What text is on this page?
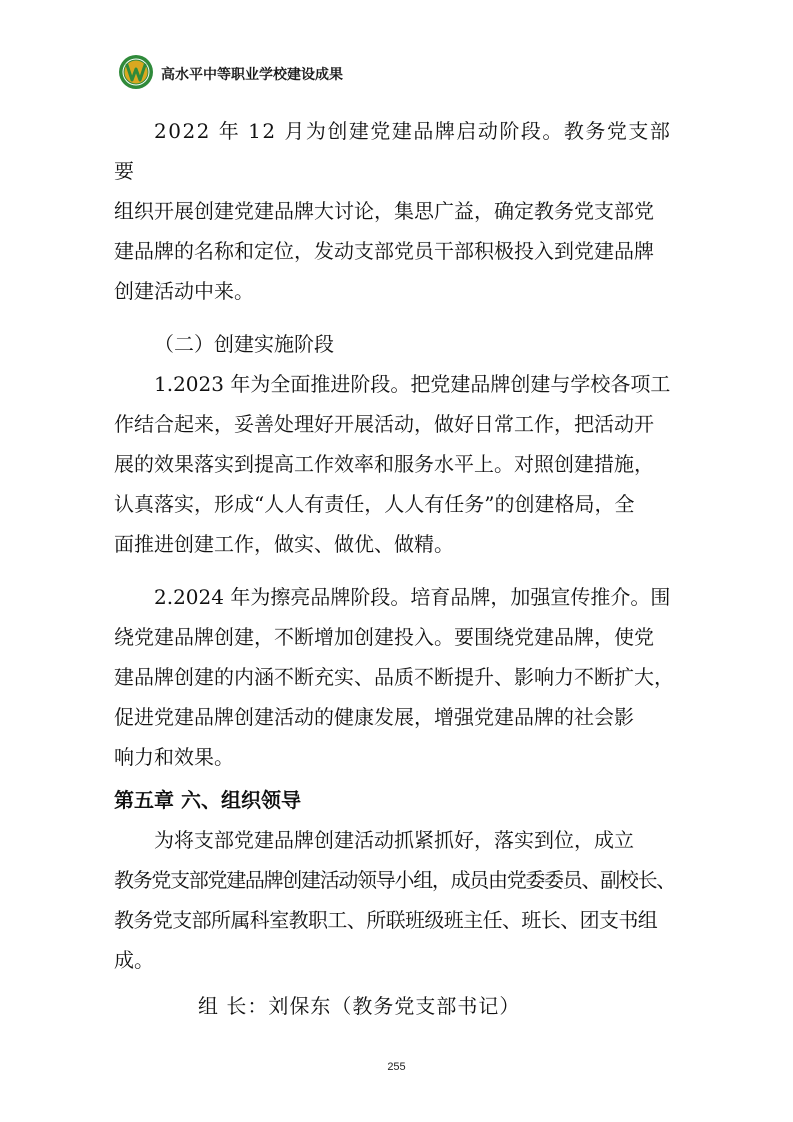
高水平中等职业学校建设成果

2022 年 12 月为创建党建品牌启动阶段。教务党支部要

组织开展创建党建品牌大讨论，集思广益，确定教务党支部党

建品牌的名称和定位，发动支部党员干部积极投入到党建品牌

创建活动中来。

（二）创建实施阶段

1.2023 年为全面推进阶段。把党建品牌创建与学校各项工

作结合起来，妥善处理好开展活动，做好日常工作，把活动开

展的效果落实到提高工作效率和服务水平上。对照创建措施，

认真落实，形成“人人有责任，人人有任务”的创建格局，全

面推进创建工作，做实、做优、做精。

2.2024 年为擦亮品牌阶段。培育品牌，加强宣传推介。围

绕党建品牌创建，不断增加创建投入。要围绕党建品牌，使党

建品牌创建的内涵不断充实、品质不断提升、影响力不断扩大，

促进党建品牌创建活动的健康发展，增强党建品牌的社会影

响力和效果。

第五章 六、组织领导

为将支部党建品牌创建活动抓紧抓好，落实到位，成立

教务党支部党建品牌创建活动领导小组，成员由党委委员、副校长、

教务党支部所属科室教职工、所联班级班主任、班长、团支书组

成。

组 长：刘保东（教务党支部书记）

255
